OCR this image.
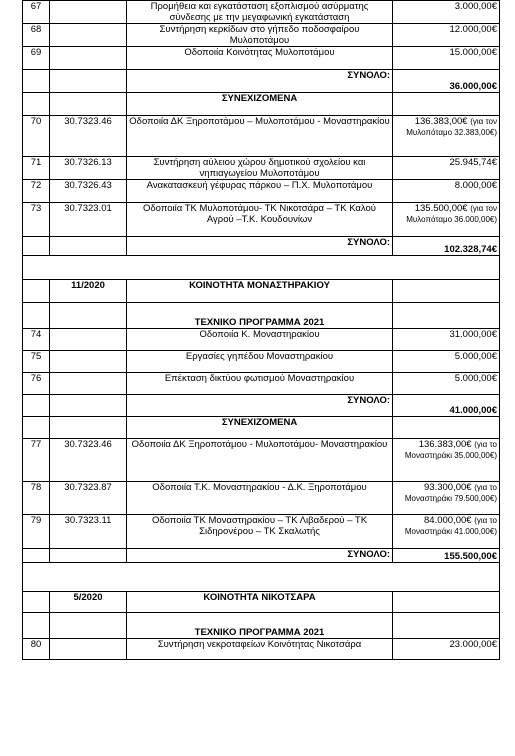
67		Προμήθεια και εγκατάσταση εξοπλισμού ασύρματης σύνδεσης με την μεγαφωνική εγκατάσταση	3.000,00€
68		Συντήρηση κερκίδων στο γήπεδο ποδοσφαίρου Μυλοποτάμου	12.000,00€
69		Οδοποιία Κοινότητας Μυλοποτάμου	15.000,00€
		ΣΥΝΟΛΟ:	36.000,00€
		ΣΥΝΕΧΙΖΟΜΕΝΑ	
70	30.7323.46	Οδοποιία ΔΚ Ξηροποτάμου – Μυλοποτάμου - Μοναστηρακίου	136.383,00€ (για τον Μυλοπόταμο 32.383,00€)
71	30.7326.13	Συντήρηση αύλειου χώρου δημοτικού σχολείου και νηπιαγωγείου Μυλοποτάμου	25.945,74€
72	30.7326.43	Ανακατασκευή γέφυρας πάρκου – Π.Χ. Μυλοποτάμου	8.000,00€
73	30.7323.01	Οδοποιία ΤΚ Μυλοποτάμου- ΤΚ Νικοτσάρα – ΤΚ Καλού Αγρού –Τ.Κ. Κουδουνίων	135.500,00€ (για τον Μυλοπόταμο 36.000,00€)
		ΣΥΝΟΛΟ:	102.328,74€

	11/2020	ΚΟΙΝΟΤΗΤΑ ΜΟΝΑΣΤΗΡΑΚΙΟΥ	
		ΤΕΧΝΙΚΟ ΠΡΟΓΡΑΜΜΑ 2021	
74		Οδοποιία Κ. Μοναστηρακίου	31.000,00€
75		Εργασίες γηπέδου Μοναστηρακίου	5.000,00€
76		Επέκταση δικτύου φωτισμού Μοναστηρακίου	5.000,00€
		ΣΥΝΟΛΟ:	41.000,00€
		ΣΥΝΕΧΙΖΟΜΕΝΑ	
77	30.7323.46	Οδοποιία ΔΚ Ξηροποτάμου - Μυλοποτάμου- Μοναστηρακίου	136.383,00€ (για το Μοναστηράκι 35.000,00€)
78	30.7323.87	Οδοποιία Τ.Κ. Μοναστηρακίου - Δ.Κ. Ξηροποτάμου	93.300,00€ (για το Μοναστηράκι 79.500,00€)
79	30.7323.11	Οδοποιία ΤΚ Μοναστηρακίου – ΤΚ Λιβαδερού – ΤΚ Σιδηρονέρου – ΤΚ Σκαλωτής	84.000,00€ (για το Μοναστηράκι 41.000,00€)
		ΣΥΝΟΛΟ:	155.500,00€

	5/2020	ΚΟΙΝΟΤΗΤΑ ΝΙΚΟΤΣΑΡΑ	
		ΤΕΧΝΙΚΟ ΠΡΟΓΡΑΜΜΑ 2021	
80		Συντήρηση νεκροταφείων Κοινότητας Νικοτσάρα	23.000,00€
